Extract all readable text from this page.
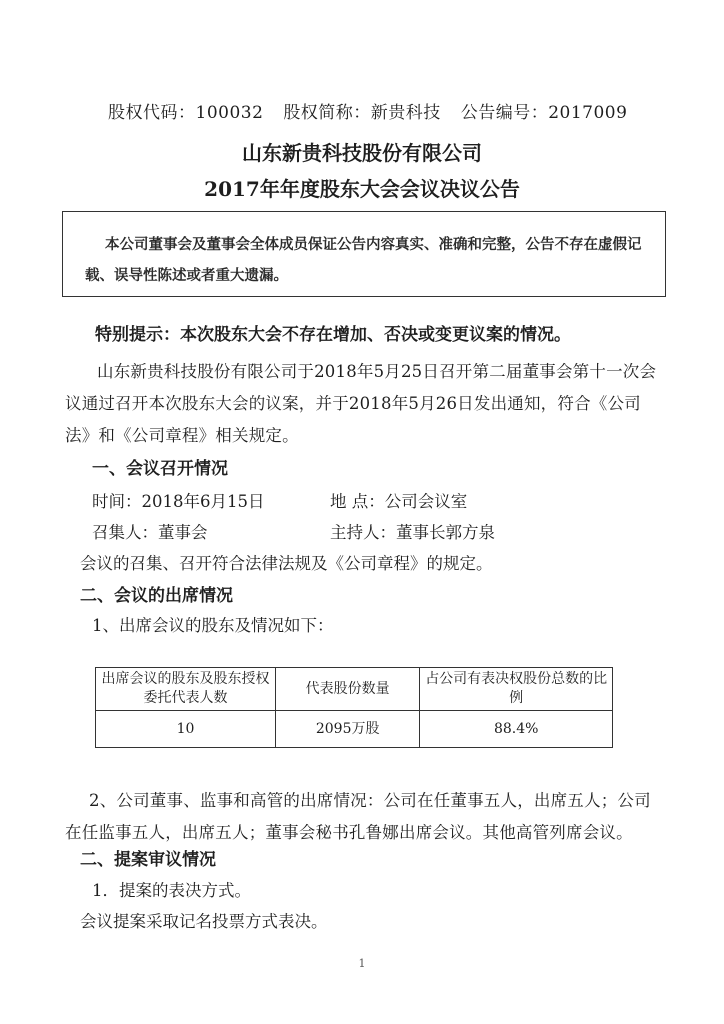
股权代码：100032 股权简称：新贵科技 公告编号：2017009
山东新贵科技股份有限公司
2017年年度股东大会会议决议公告
本公司董事会及董事会全体成员保证公告内容真实、准确和完整，公告不存在虚假记载、误导性陈述或者重大遗漏。
特别提示：本次股东大会不存在增加、否决或变更议案的情况。
山东新贵科技股份有限公司于2018年5月25日召开第二届董事会第十一次会议通过召开本次股东大会的议案，并于2018年5月26日发出通知，符合《公司法》和《公司章程》相关规定。
一、会议召开情况
时间：2018年6月15日	地 点：公司会议室
召集人：董事会	主持人：董事长郭方泉
会议的召集、召开符合法律法规及《公司章程》的规定。
二、会议的出席情况
1、出席会议的股东及情况如下：
出席会议的股东及股东授权委托代表人数	代表股份数量	占公司有表决权股份总数的比例
10	2095万股	88.4%
2、公司董事、监事和高管的出席情况：公司在任董事五人，出席五人；公司在任监事五人，出席五人；董事会秘书孔鲁娜出席会议。其他高管列席会议。
二、提案审议情况
1．提案的表决方式。
会议提案采取记名投票方式表决。
1
